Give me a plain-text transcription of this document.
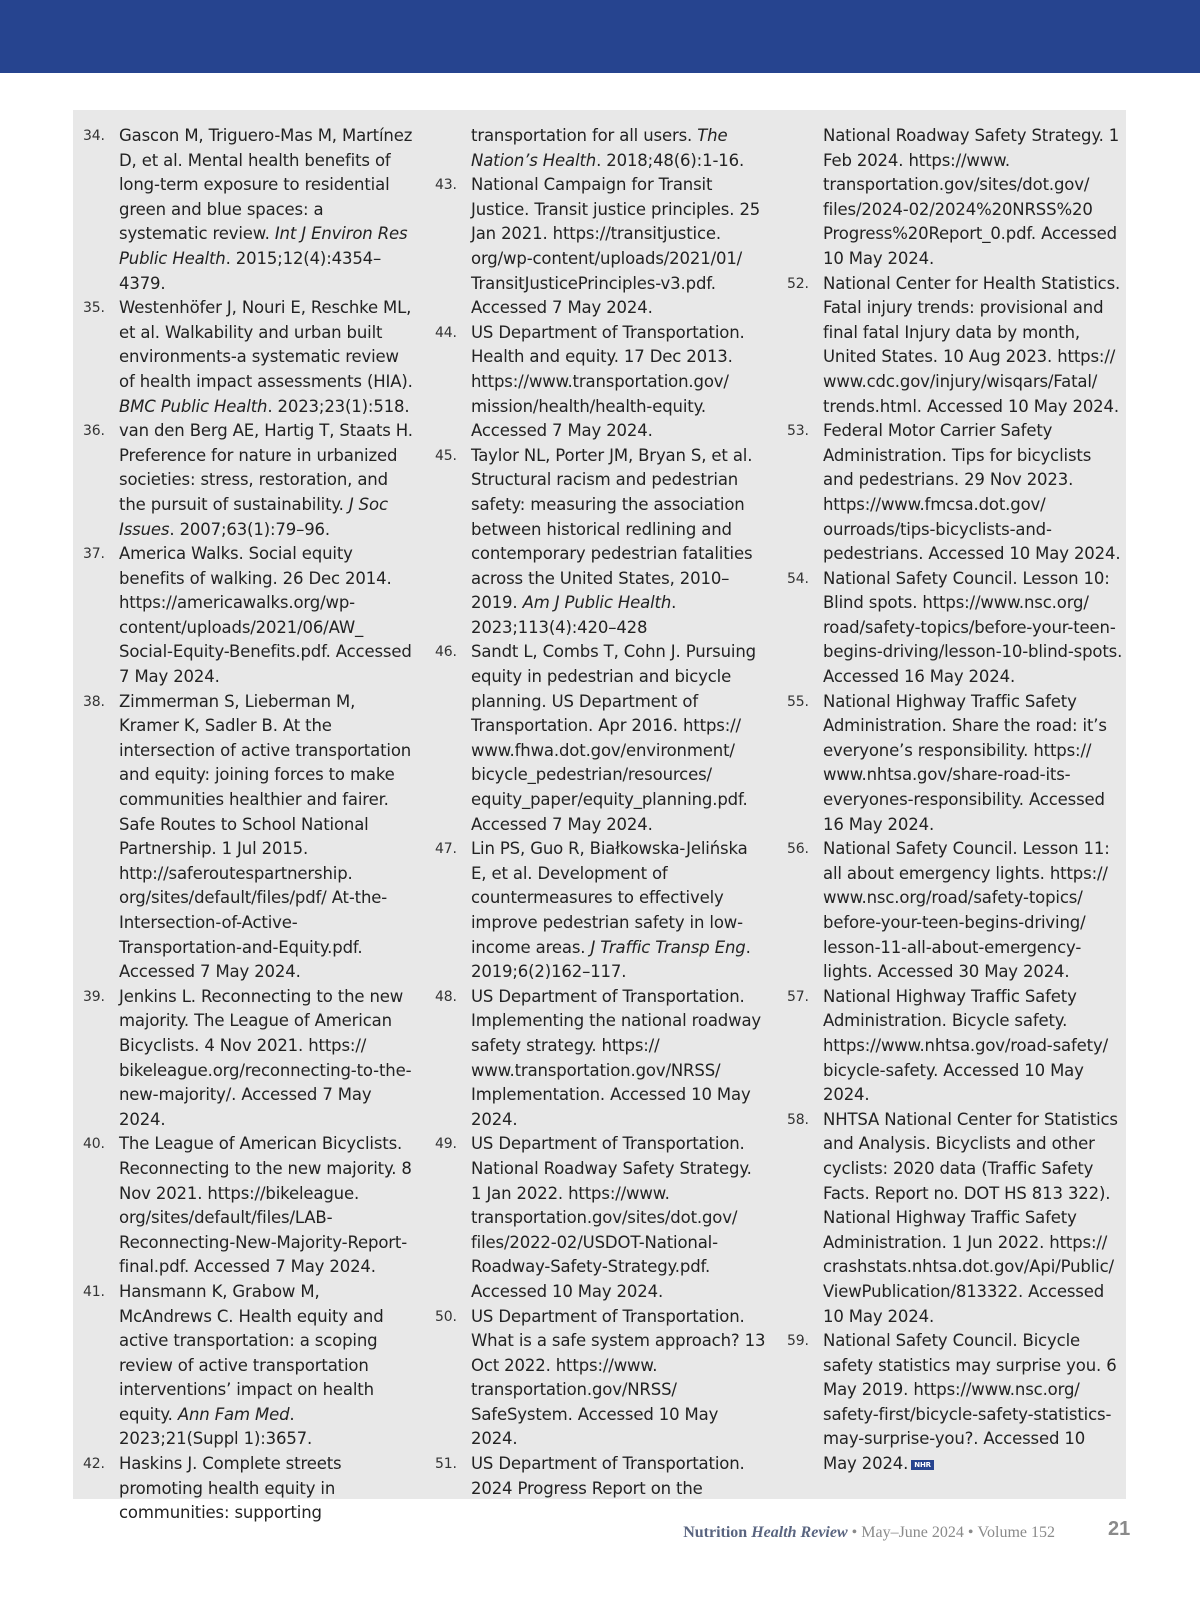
34. Gascon M, Triguero-Mas M, Martínez D, et al. Mental health benefits of long-term exposure to residential green and blue spaces: a systematic review. Int J Environ Res Public Health. 2015;12(4):4354–4379.
35. Westenhöfer J, Nouri E, Reschke ML, et al. Walkability and urban built environments-a systematic review of health impact assessments (HIA). BMC Public Health. 2023;23(1):518.
36. van den Berg AE, Hartig T, Staats H. Preference for nature in urbanized societies: stress, restoration, and the pursuit of sustainability. J Soc Issues. 2007;63(1):79–96.
37. America Walks. Social equity benefits of walking. 26 Dec 2014. https://americawalks.org/wp-content/uploads/2021/06/AW_ Social-Equity-Benefits.pdf. Accessed 7 May 2024.
38. Zimmerman S, Lieberman M, Kramer K, Sadler B. At the intersection of active transportation and equity: joining forces to make communities healthier and fairer. Safe Routes to School National Partnership. 1 Jul 2015. http://saferoutespartnership. org/sites/default/files/pdf/ At-the-Intersection-of-Active-Transportation-and-Equity.pdf. Accessed 7 May 2024.
39. Jenkins L. Reconnecting to the new majority. The League of American Bicyclists. 4 Nov 2021. https:// bikeleague.org/reconnecting-to-the-new-majority/. Accessed 7 May 2024.
40. The League of American Bicyclists. Reconnecting to the new majority. 8 Nov 2021. https://bikeleague. org/sites/default/files/LAB-Reconnecting-New-Majority-Report-final.pdf. Accessed 7 May 2024.
41. Hansmann K, Grabow M, McAndrews C. Health equity and active transportation: a scoping review of active transportation interventions’ impact on health equity. Ann Fam Med. 2023;21(Suppl 1):3657.
42. Haskins J. Complete streets promoting health equity in communities: supporting
transportation for all users. The Nation’s Health. 2018;48(6):1-16.
43. National Campaign for Transit Justice. Transit justice principles. 25 Jan 2021. https://transitjustice. org/wp-content/uploads/2021/01/ TransitJusticePrinciples-v3.pdf. Accessed 7 May 2024.
44. US Department of Transportation. Health and equity. 17 Dec 2013. https://www.transportation.gov/ mission/health/health-equity. Accessed 7 May 2024.
45. Taylor NL, Porter JM, Bryan S, et al. Structural racism and pedestrian safety: measuring the association between historical redlining and contemporary pedestrian fatalities across the United States, 2010–2019. Am J Public Health. 2023;113(4):420–428
46. Sandt L, Combs T, Cohn J. Pursuing equity in pedestrian and bicycle planning. US Department of Transportation. Apr 2016. https:// www.fhwa.dot.gov/environment/ bicycle_pedestrian/resources/ equity_paper/equity_planning.pdf. Accessed 7 May 2024.
47. Lin PS, Guo R, Białkowska-Jelińska E, et al. Development of countermeasures to effectively improve pedestrian safety in low-income areas. J Traffic Transp Eng. 2019;6(2)162–117.
48. US Department of Transportation. Implementing the national roadway safety strategy. https:// www.transportation.gov/NRSS/ Implementation. Accessed 10 May 2024.
49. US Department of Transportation. National Roadway Safety Strategy. 1 Jan 2022. https://www. transportation.gov/sites/dot.gov/ files/2022-02/USDOT-National-Roadway-Safety-Strategy.pdf. Accessed 10 May 2024.
50. US Department of Transportation. What is a safe system approach? 13 Oct 2022. https://www. transportation.gov/NRSS/ SafeSystem. Accessed 10 May 2024.
51. US Department of Transportation. 2024 Progress Report on the
National Roadway Safety Strategy. 1 Feb 2024. https://www. transportation.gov/sites/dot.gov/ files/2024-02/2024%20NRSS%20 Progress%20Report_0.pdf. Accessed 10 May 2024.
52. National Center for Health Statistics. Fatal injury trends: provisional and final fatal Injury data by month, United States. 10 Aug 2023. https:// www.cdc.gov/injury/wisqars/Fatal/ trends.html. Accessed 10 May 2024.
53. Federal Motor Carrier Safety Administration. Tips for bicyclists and pedestrians. 29 Nov 2023. https://www.fmcsa.dot.gov/ ourroads/tips-bicyclists-and-pedestrians. Accessed 10 May 2024.
54. National Safety Council. Lesson 10: Blind spots. https://www.nsc.org/ road/safety-topics/before-your-teen-begins-driving/lesson-10-blind-spots. Accessed 16 May 2024.
55. National Highway Traffic Safety Administration. Share the road: it’s everyone’s responsibility. https:// www.nhtsa.gov/share-road-its-everyones-responsibility. Accessed 16 May 2024.
56. National Safety Council. Lesson 11: all about emergency lights. https:// www.nsc.org/road/safety-topics/ before-your-teen-begins-driving/ lesson-11-all-about-emergency-lights. Accessed 30 May 2024.
57. National Highway Traffic Safety Administration. Bicycle safety. https://www.nhtsa.gov/road-safety/ bicycle-safety. Accessed 10 May 2024.
58. NHTSA National Center for Statistics and Analysis. Bicyclists and other cyclists: 2020 data (Traffic Safety Facts. Report no. DOT HS 813 322). National Highway Traffic Safety Administration. 1 Jun 2022. https:// crashstats.nhtsa.dot.gov/Api/Public/ ViewPublication/813322. Accessed 10 May 2024.
59. National Safety Council. Bicycle safety statistics may surprise you. 6 May 2019. https://www.nsc.org/ safety-first/bicycle-safety-statistics-may-surprise-you?. Accessed 10 May 2024. NHR
Nutrition Health Review • May–June 2024 • Volume 152	21
